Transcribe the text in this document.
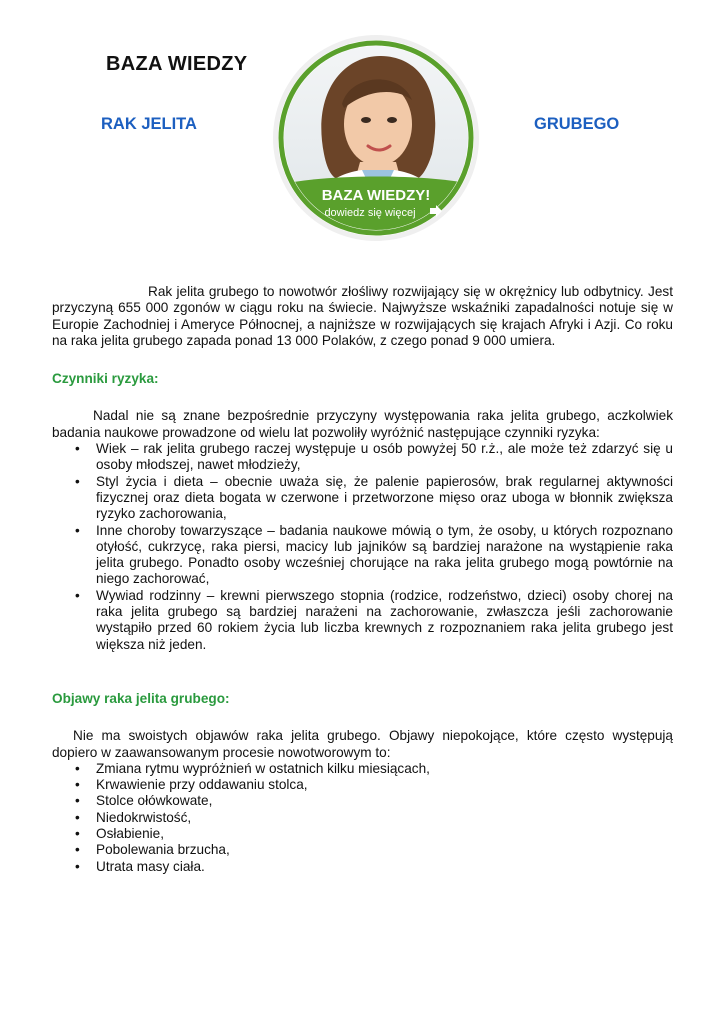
BAZA WIEDZY
RAK JELITA	GRUBEGO
BAZA WIEDZY!
dowiedz się więcej

Rak jelita grubego to nowotwór złośliwy rozwijający się w okrężnicy lub odbytnicy. Jest przyczyną 655 000 zgonów w ciągu roku na świecie. Najwyższe wskaźniki zapadalności notuje się w Europie Zachodniej i Ameryce Północnej, a najniższe w rozwijających się krajach Afryki i Azji. Co roku na raka jelita grubego zapada ponad 13 000 Polaków, z czego ponad 9 000 umiera.

Czynniki ryzyka:

Nadal nie są znane bezpośrednie przyczyny występowania raka jelita grubego, aczkolwiek badania naukowe prowadzone od wielu lat pozwoliły wyróżnić następujące czynniki ryzyka:

• Wiek – rak jelita grubego raczej występuje u osób powyżej 50 r.ż., ale może też zdarzyć się u osoby młodszej, nawet młodzieży,
• Styl życia i dieta – obecnie uważa się, że palenie papierosów, brak regularnej aktywności fizycznej oraz dieta bogata w czerwone i przetworzone mięso oraz uboga w błonnik zwiększa ryzyko zachorowania,
• Inne choroby towarzyszące – badania naukowe mówią o tym, że osoby, u których rozpoznano otyłość, cukrzycę, raka piersi, macicy lub jajników są bardziej narażone na wystąpienie raka jelita grubego. Ponadto osoby wcześniej chorujące na raka jelita grubego mogą powtórnie na niego zachorować,
• Wywiad rodzinny – krewni pierwszego stopnia (rodzice, rodzeństwo, dzieci) osoby chorej na raka jelita grubego są bardziej narażeni na zachorowanie, zwłaszcza jeśli zachorowanie wystąpiło przed 60 rokiem życia lub liczba krewnych z rozpoznaniem raka jelita grubego jest większa niż jeden.

Objawy raka jelita grubego:

Nie ma swoistych objawów raka jelita grubego. Objawy niepokojące, które często występują dopiero w zaawansowanym procesie nowotworowym to:

• Zmiana rytmu wypróżnień w ostatnich kilku miesiącach,
• Krwawienie przy oddawaniu stolca,
• Stolce ołówkowate,
• Niedokrwistość,
• Osłabienie,
• Pobolewania brzucha,
• Utrata masy ciała.
